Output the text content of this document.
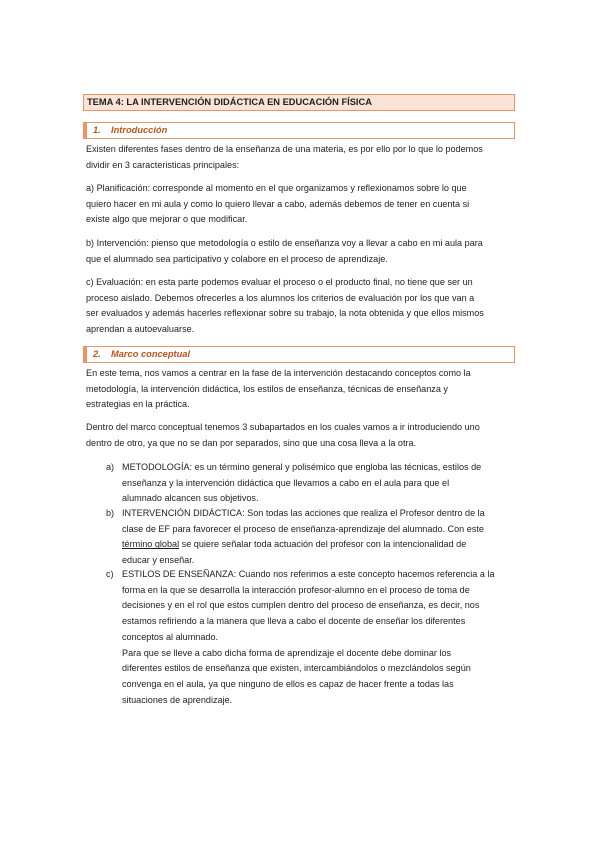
TEMA 4: LA INTERVENCIÓN DIDÁCTICA EN EDUCACIÓN FÍSICA
1. Introducción
Existen diferentes fases dentro de la enseñanza de una materia, es por ello por lo que lo podemos
dividir en 3 caracteristicas principales:
a) Planificación: corresponde al momento en el que organizamos y reflexionamos sobre lo que
quiero hacer en mi aula y como lo quiero llevar a cabo, además debemos de tener en cuenta si
existe algo que mejorar o que modificar.
b) Intervención: pienso que metodología o estilo de enseñanza voy a llevar a cabo en mi aula para
que el alumnado sea participativo y colabore en el proceso de aprendizaje.
c) Evaluación: en esta parte podemos evaluar el proceso o el producto final, no tiene que ser un
proceso aislado. Debemos ofrecerles a los alumnos los criterios de evaluación por los que van a
ser evaluados y además hacerles reflexionar sobre su trabajo, la nota obtenida y que ellos mismos
aprendan a autoevaluarse.
2. Marco conceptual
En este tema, nos vamos a centrar en la fase de la intervención destacando conceptos como la
metodología, la intervención didáctica, los estilos de enseñanza, técnicas de enseñanza y
estrategias en la práctica.
Dentro del marco conceptual tenemos 3 subapartados en los cuales vamos a ir introduciendo uno
dentro de otro, ya que no se dan por separados, sino que una cosa lleva a la otra.
a) METODOLOGÍA: es un término general y polisémico que engloba las técnicas, estilos de
enseñanza y la intervención didáctica que llevamos a cabo en el aula para que el
alumnado alcancen sus objetivos.
b) INTERVENCIÓN DIDÁCTICA: Son todas las acciones que realiza el Profesor dentro de la
clase de EF para favorecer el proceso de enseñanza-aprendizaje del alumnado. Con este
término global se quiere señalar toda actuación del profesor con la intencionalidad de
educar y enseñar.
c) ESTILOS DE ENSEÑANZA: Cuando nos referimos a este concepto hacemos referencia a la
forma en la que se desarrolla la interacción profesor-alumno en el proceso de toma de
decisiones y en el rol que estos cumplen dentro del proceso de enseñanza, es decir, nos
estamos refiriendo a la manera que lleva a cabo el docente de enseñar los diferentes
conceptos al alumnado.
Para que se lleve a cabo dicha forma de aprendizaje el docente debe dominar los
diferentes estilos de enseñanza que existen, intercambiándolos o mezclándolos según
convenga en el aula, ya que ninguno de ellos es capaz de hacer frente a todas las
situaciones de aprendizaje.
